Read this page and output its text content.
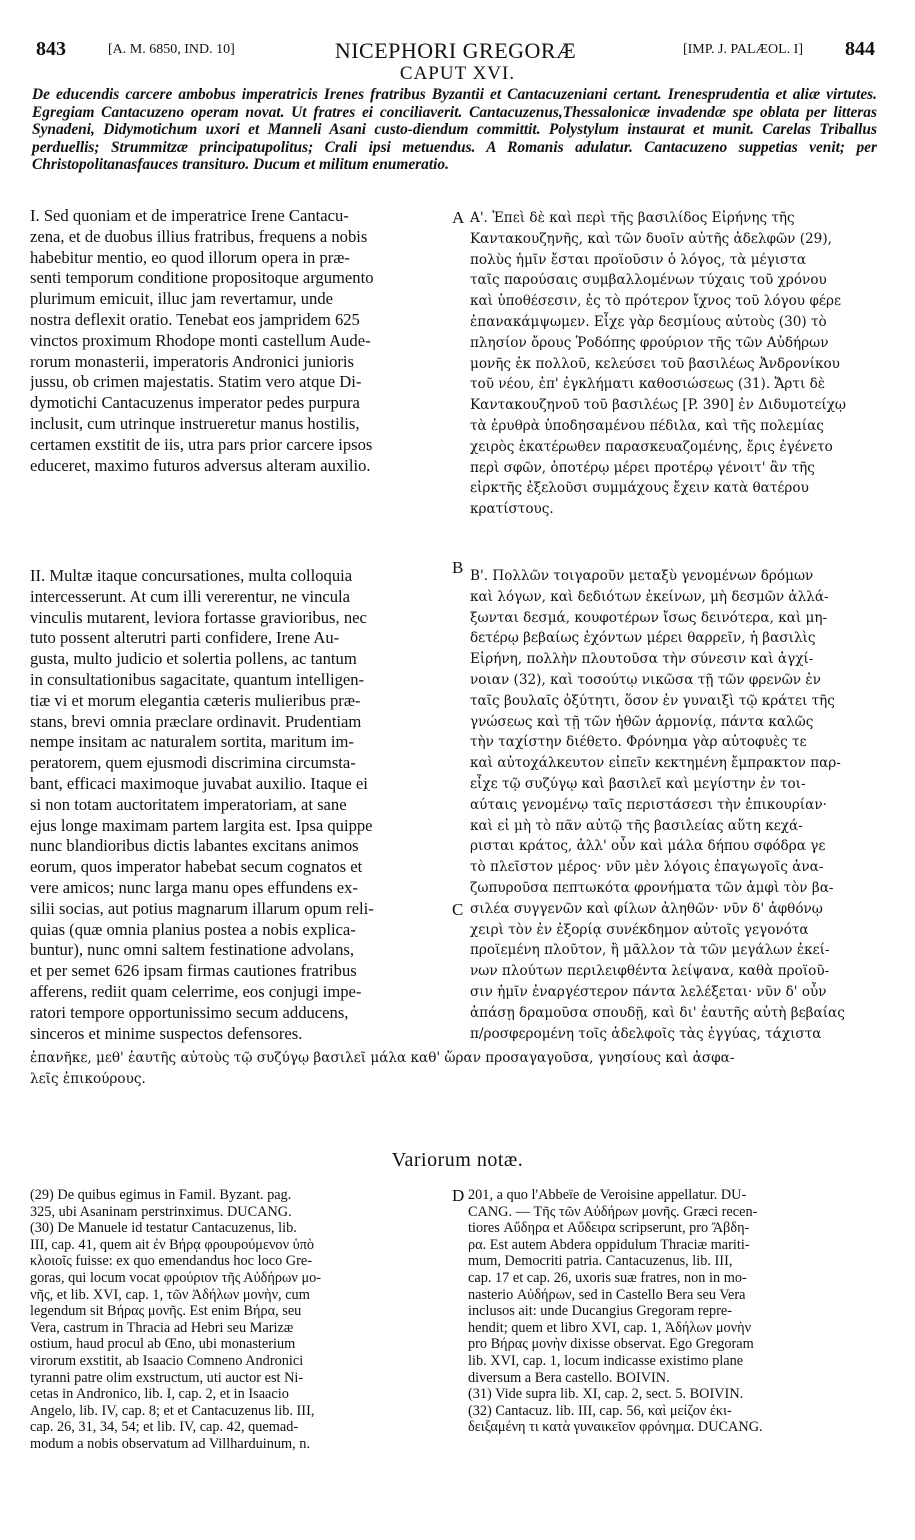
843	[A. M. 6850, IND. 10]	NICEPHORI GREGORÆ	[IMP. J. PALÆOL. I] 844
CAPUT XVI.
De educendis carcere ambobus imperatricis Irenes fratribus Byzantii et Cantacuzeniani certant. Irenesprudentia et aliæ virtutes. Egregiam Cantacuzeno operam novat. Ut fratres ei conciliaverit. Cantacuzenus,Thessalonicæ invadendæ spe oblata per litteras Synadeni, Didymotichum uxori et Manneli Asani custo-diendum committit. Polystylum instaurat et munit. Carelas Triballus perduellis; Strummitzæ principatupolitus; Crali ipsi metuendus. A Romanis adulatur. Cantacuzeno suppetias venit; per Christopolitanasfauces transituro. Ducum et militum enumeratio.
I. Sed quoniam et de imperatrice Irene Cantacu-
zena, et de duobus illius fratribus, frequens a nobis
habebitur mentio, eo quod illorum opera in præ-
senti temporum conditione propositoque argumento
plurimum emicuit, illuc jam revertamur, unde
nostra deflexit oratio. Tenebat eos jampridem 625
vinctos proximum Rhodope monti castellum Aude-
rorum monasterii, imperatoris Andronici junioris
jussu, ob crimen majestatis. Statim vero atque Di-
dymotichi Cantacuzenus imperator pedes purpura
inclusit, cum utrinque instrueretur manus hostilis,
certamen exstitit de iis, utra pars prior carcere ipsos
educeret, maximo futuros adversus alteram auxilio.
II. Multæ itaque concursationes, multa colloquia
intercesserunt. At cum illi vererentur, ne vincula
vinculis mutarent, leviora fortasse gravioribus, nec
tuto possent alterutri parti confidere, Irene Au-
gusta, multo judicio et solertia pollens, ac tantum
in consultationibus sagacitate, quantum intelligen-
tiæ vi et morum elegantia cæteris mulieribus præ-
stans, brevi omnia præclare ordinavit. Prudentiam
nempe insitam ac naturalem sortita, maritum im-
peratorem, quem ejusmodi discrimina circumsta-
bant, efficaci maximoque juvabat auxilio. Itaque ei
si non totam auctoritatem imperatoriam, at sane
ejus longe maximam partem largita est. Ipsa quippe
nunc blandioribus dictis labantes excitans animos
eorum, quos imperator habebat secum cognatos et
vere amicos; nunc larga manu opes effundens ex-
silii socias, aut potius magnarum illarum opum reli-
quias (quæ omnia planius postea a nobis explica-
buntur), nunc omni saltem festinatione advolans,
et per semet 626 ipsam firmas cautiones fratribus
afferens, rediit quam celerrime, eos conjugi impe-
ratori tempore opportunissimo secum adducens,
sinceros et minime suspectos defensores.
Α'. Ἐπεὶ δὲ καὶ περὶ τῆς βασιλίδος Εἰρήνης τῆς
Καντακουζηνῆς, καὶ τῶν δυοῖν αὐτῆς ἀδελφῶν (29),
πολὺς ἡμῖν ἔσται προϊοῦσιν ὁ λόγος, τὰ μέγιστα
ταῖς παρούσαις συμβαλλομένων τύχαις τοῦ χρόνου
καὶ ὑποθέσεσιν, ἐς τὸ πρότερον ἴχνος τοῦ λόγου φέρε
ἐπανακάμψωμεν. Εἶχε γὰρ δεσμίους αὐτοὺς (30) τὸ
πλησίον ὄρους Ῥοδόπης φρούριον τῆς τῶν Αὐδήρων
μονῆς ἐκ πολλοῦ, κελεύσει τοῦ βασιλέως Ἀνδρονίκου
τοῦ νέου, ἐπ' ἐγκλήματι καθοσιώσεως (31). Ἄρτι δὲ
Καντακουζηνοῦ τοῦ βασιλέως [P. 390] ἐν Διδυμοτείχῳ
τὰ ἐρυθρὰ ὑποδησαμένου πέδιλα, καὶ τῆς πολεμίας
χειρὸς ἑκατέρωθεν παρασκευαζομένης, ἔρις ἐγένετο
περὶ σφῶν, ὁποτέρῳ μέρει προτέρῳ γένοιτ' ἂν τῆς
εἱρκτῆς ἐξελοῦσι συμμάχους ἔχειν κατὰ θατέρου
κρατίστους.
Β'. Πολλῶν τοιγαροῦν μεταξὺ γενομένων δρόμων
καὶ λόγων, καὶ δεδιότων ἐκείνων, μὴ δεσμῶν ἀλλά-
ξωνται δεσμά, κουφοτέρων ἴσως δεινότερα, καὶ μη-
δετέρῳ βεβαίως ἐχόντων μέρει θαρρεῖν, ἡ βασιλὶς
Εἰρήνη, πολλὴν πλουτοῦσα τὴν σύνεσιν καὶ ἀγχί-
νοιαν (32), καὶ τοσούτῳ νικῶσα τῇ τῶν φρενῶν ἐν
ταῖς βουλαῖς ὀξύτητι, ὅσον ἐν γυναιξὶ τῷ κράτει τῆς
γνώσεως καὶ τῇ τῶν ἠθῶν ἁρμονίᾳ, πάντα καλῶς
τὴν ταχίστην διέθετο. Φρόνημα γὰρ αὐτοφυὲς τε
καὶ αὐτοχάλκευτον εἰπεῖν κεκτημένη ἔμπρακτον παρ-
εἶχε τῷ συζύγῳ καὶ βασιλεῖ καὶ μεγίστην ἐν τοι-
αύταις γενομένῳ ταῖς περιστάσεσι τὴν ἐπικουρίαν·
καὶ εἰ μὴ τὸ πᾶν αὐτῷ τῆς βασιλείας αὕτη κεχά-
ρισται κράτος, ἀλλ' οὖν καὶ μάλα δήπου σφόδρα γε
τὸ πλεῖστον μέρος· νῦν μὲν λόγοις ἐπαγωγοῖς ἀνα-
ζωπυροῦσα πεπτωκότα φρονήματα τῶν ἀμφὶ τὸν βα-
σιλέα συγγενῶν καὶ φίλων ἀληθῶν· νῦν δ' ἀφθόνῳ
χειρὶ τὸν ἐν ἐξορίᾳ συνέκδημον αὐτοῖς γεγονότα
προϊεμένη πλοῦτον, ἢ μᾶλλον τὰ τῶν μεγάλων ἐκεί-
νων πλούτων περιλειφθέντα λείψανα, καθὰ προϊοῦ-
σιν ἡμῖν ἐναργέστερον πάντα λελέξεται· νῦν δ' οὖν
ἁπάσῃ δραμοῦσα σπουδῇ, καὶ δι' ἑαυτῆς αὐτὴ βεβαίας
π/ροσφερομένη τοῖς ἀδελφοῖς τὰς ἐγγύας, τάχιστα
ἐπανῆκε, μεθ' ἑαυτῆς αὐτοὺς τῷ συζύγῳ βασιλεῖ μάλα καθ' ὥραν προσαγαγοῦσα, γνησίους καὶ ἀσφα-
λεῖς ἐπικούρους.
A
B
C
D
Variorum notæ.
(29) De quibus egimus in Famil. Byzant. pag.
325, ubi Asaninam perstrinximus. DUCANG.
(30) De Manuele id testatur Cantacuzenus, lib.
III, cap. 41, quem ait ἐν Βήρᾳ φρουρούμενον ὑπὸ
κλοιοῖς fuisse: ex quo emendandus hoc loco Gre-
goras, qui locum vocat φρούριον τῆς Αὐδήρων μο-
νῆς, et lib. XVI, cap. 1, τῶν Ἀδήλων μονὴν, cum
legendum sit Βήρας μονῆς. Est enim Βήρα, seu
Vera, castrum in Thracia ad Hebri seu Marizæ
ostium, haud procul ab Œno, ubi monasterium
virorum exstitit, ab Isaacio Comneno Andronici
tyranni patre olim exstructum, uti auctor est Ni-
cetas in Andronico, lib. I, cap. 2, et in Isaacio
Angelo, lib. IV, cap. 8; et et Cantacuzenus lib. III,
cap. 26, 31, 34, 54; et lib. IV, cap. 42, quemad-
modum a nobis observatum ad Villharduinum, n.
201, a quo l'Abbeïe de Veroisine appellatur. DU-
CANG. — Τῆς τῶν Αὐδήρων μονῆς. Græci recen-
tiores Αὔδηρα et Αὔδειρα scripserunt, pro Ἄβδη-
ρα. Est autem Abdera oppidulum Thraciæ mariti-
mum, Democriti patria. Cantacuzenus, lib. III,
cap. 17 et cap. 26, uxoris suæ fratres, non in mo-
nasterio Αὐδήρων, sed in Castello Bera seu Vera
inclusos ait: unde Ducangius Gregoram repre-
hendit; quem et libro XVI, cap. 1, Ἀδήλων μονὴν
pro Βήρας μονὴν dixisse observat. Ego Gregoram
lib. XVI, cap. 1, locum indicasse existimo plane
diversum a Bera castello. BOIVIN.
(31) Vide supra lib. XI, cap. 2, sect. 5. BOIVIN.
(32) Cantacuz. lib. III, cap. 56, καὶ μείζον ἐκι-
δειξαμένη τι κατὰ γυναικεῖον φρόνημα. DUCANG.
